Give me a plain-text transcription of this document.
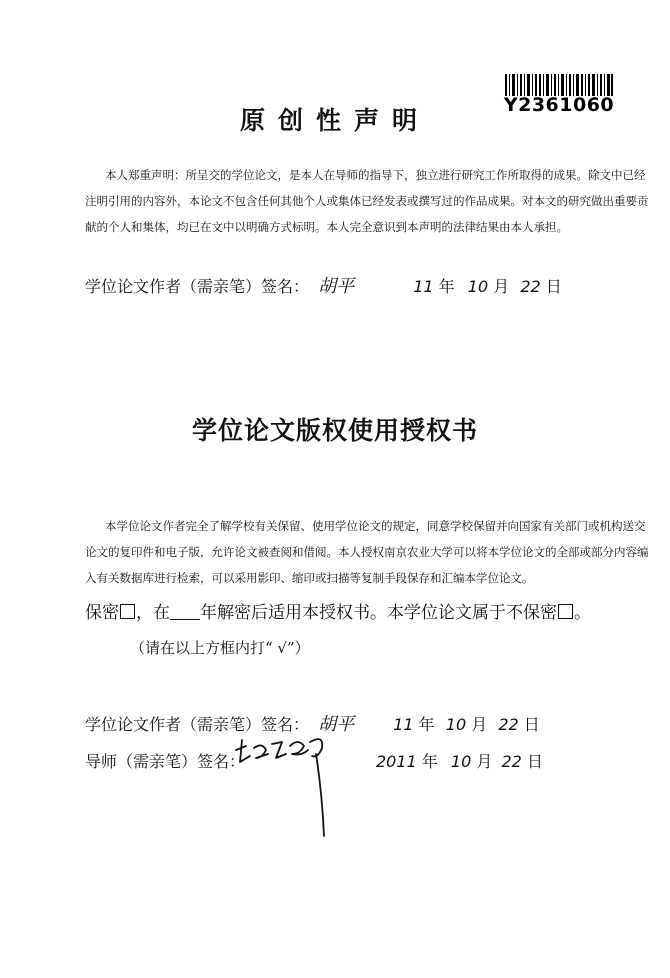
Y2361060
原创性声明
本人郑重声明：所呈交的学位论文，是本人在导师的指导下，独立进行研究工作所取得的成果。除文中已经
注明引用的内容外，本论文不包含任何其他个人或集体已经发表或撰写过的作品成果。对本文的研究做出重要贡
献的个人和集体，均已在文中以明确方式标明。本人完全意识到本声明的法律结果由本人承担。
学位论文作者（需亲笔）签名： 胡平	11 年 10 月 22 日
学位论文版权使用授权书
本学位论文作者完全了解学校有关保留、使用学位论文的规定，同意学校保留并向国家有关部门或机构送交
论文的复印件和电子版，允许论文被查阅和借阅。本人授权南京农业大学可以将本学位论文的全部或部分内容编
入有关数据库进行检索，可以采用影印、缩印或扫描等复制手段保存和汇编本学位论文。
保密 ，在 年解密后适用本授权书。本学位论文属于不保密 。
（请在以上方框内打“ √”）
学位论文作者（需亲笔）签名： 胡平 11 年 10 月 22 日
导师（需亲笔）签名：	2011 年 10 月 22 日
